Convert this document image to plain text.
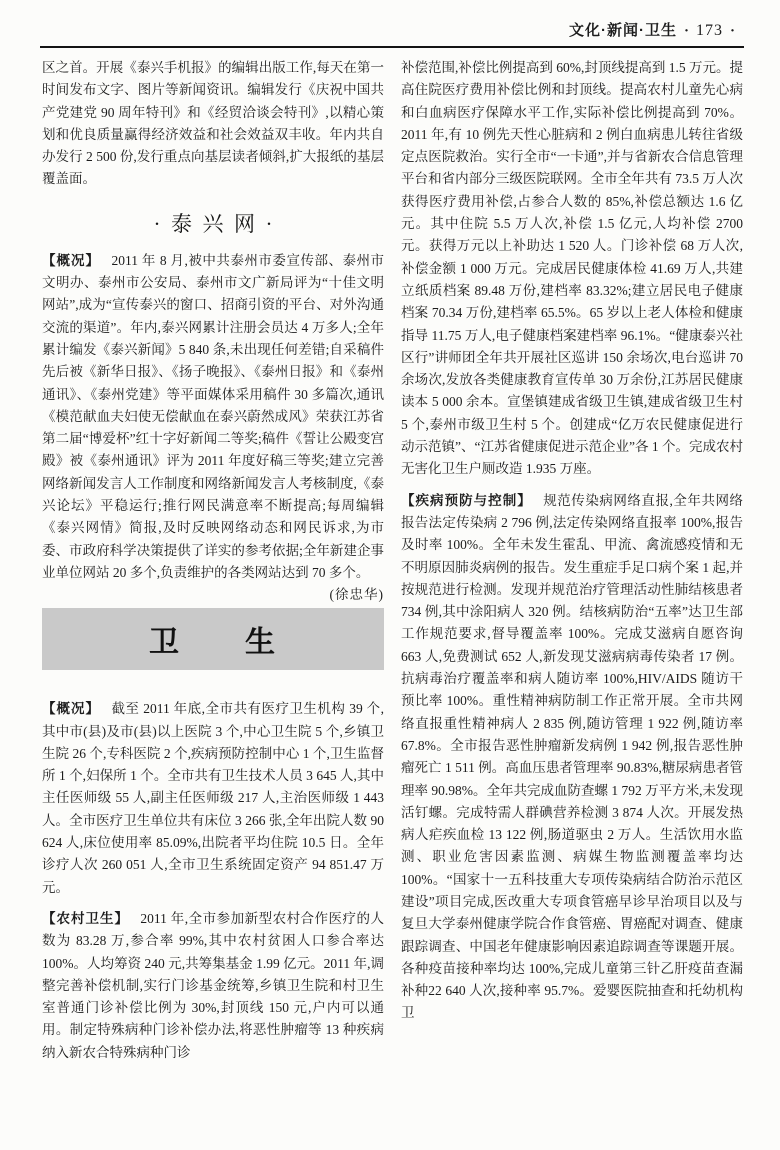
文化·新闻·卫生 · 173 ·

区之首。开展《泰兴手机报》的编辑出版工作,每天在第一时间发布文字、图片等新闻资讯。编辑发行《庆祝中国共产党建党 90 周年特刊》和《经贸洽谈会特刊》,以精心策划和优良质量赢得经济效益和社会效益双丰收。年内共自办发行 2 500 份,发行重点向基层读者倾斜,扩大报纸的基层覆盖面。

·泰兴网·

【概况】 2011 年 8 月,被中共泰州市委宣传部、泰州市文明办、泰州市公安局、泰州市文广新局评为“十佳文明网站”,成为“宣传泰兴的窗口、招商引资的平台、对外沟通交流的渠道”。年内,泰兴网累计注册会员达 4 万多人;全年累计编发《泰兴新闻》5 840 条,未出现任何差错;自采稿件先后被《新华日报》、《扬子晚报》、《泰州日报》和《泰州通讯》、《泰州党建》等平面媒体采用稿件 30 多篇次,通讯《模范献血夫妇使无偿献血在泰兴蔚然成风》荣获江苏省第二届“博爱杯”红十字好新闻二等奖;稿件《誓让公殿变宫殿》被《泰州通讯》评为 2011 年度好稿三等奖;建立完善网络新闻发言人工作制度和网络新闻发言人考核制度,《泰兴论坛》平稳运行;推行网民满意率不断提高;每周编辑《泰兴网情》简报,及时反映网络动态和网民诉求,为市委、市政府科学决策提供了详实的参考依据;全年新建企事业单位网站 20 多个,负责维护的各类网站达到 70 多个。
(徐忠华)

卫　　生

【概况】 截至 2011 年底,全市共有医疗卫生机构 39 个,其中市(县)及市(县)以上医院 3 个,中心卫生院 5 个,乡镇卫生院 26 个,专科医院 2 个,疾病预防控制中心 1 个,卫生监督所 1 个,妇保所 1 个。全市共有卫生技术人员 3 645 人,其中主任医师级 55 人,副主任医师级 217 人,主治医师级 1 443 人。全市医疗卫生单位共有床位 3 266 张,全年出院人数 90 624 人,床位使用率 85.09%,出院者平均住院 10.5 日。全年诊疗人次 260 051 人,全市卫生系统固定资产 94 851.47 万元。

【农村卫生】 2011 年,全市参加新型农村合作医疗的人数为 83.28 万,参合率 99%,其中农村贫困人口参合率达 100%。人均筹资 240 元,共筹集基金 1.99 亿元。2011 年,调整完善补偿机制,实行门诊基金统筹,乡镇卫生院和村卫生室普通门诊补偿比例为 30%,封顶线 150 元,户内可以通用。制定特殊病种门诊补偿办法,将恶性肿瘤等 13 种疾病纳入新农合特殊病种门诊

补偿范围,补偿比例提高到 60%,封顶线提高到 1.5 万元。提高住院医疗费用补偿比例和封顶线。提高农村儿童先心病和白血病医疗保障水平工作,实际补偿比例提高到 70%。2011 年,有 10 例先天性心脏病和 2 例白血病患儿转往省级定点医院救治。实行全市“一卡通”,并与省新农合信息管理平台和省内部分三级医院联网。全市全年共有 73.5 万人次获得医疗费用补偿,占参合人数的 85%,补偿总额达 1.6 亿元。其中住院 5.5 万人次,补偿 1.5 亿元,人均补偿 2700 元。获得万元以上补助达 1 520 人。门诊补偿 68 万人次,补偿金额 1 000 万元。完成居民健康体检 41.69 万人,共建立纸质档案 89.48 万份,建档率 83.32%;建立居民电子健康档案 70.34 万份,建档率 65.5%。65 岁以上老人体检和健康指导 11.75 万人,电子健康档案建档率 96.1%。“健康泰兴社区行”讲师团全年共开展社区巡讲 150 余场次,电台巡讲 70 余场次,发放各类健康教育宣传单 30 万余份,江苏居民健康读本 5 000 余本。宣堡镇建成省级卫生镇,建成省级卫生村 5 个,泰州市级卫生村 5 个。创建成“亿万农民健康促进行动示范镇”、“江苏省健康促进示范企业”各 1 个。完成农村无害化卫生户厕改造 1.935 万座。

【疾病预防与控制】 规范传染病网络直报,全年共网络报告法定传染病 2 796 例,法定传染网络直报率 100%,报告及时率 100%。全年未发生霍乱、甲流、禽流感疫情和无不明原因肺炎病例的报告。发生重症手足口病个案 1 起,并按规范进行检测。发现并规范治疗管理活动性肺结核患者 734 例,其中涂阳病人 320 例。结核病防治“五率”达卫生部工作规范要求,督导覆盖率 100%。完成艾滋病自愿咨询 663 人,免费测试 652 人,新发现艾滋病病毒传染者 17 例。抗病毒治疗覆盖率和病人随访率 100%,HIV/AIDS 随访干预比率 100%。重性精神病防制工作正常开展。全市共网络直报重性精神病人 2 835 例,随访管理 1 922 例,随访率 67.8%。全市报告恶性肿瘤新发病例 1 942 例,报告恶性肿瘤死亡 1 511 例。高血压患者管理率 90.83%,糖尿病患者管理率 90.98%。全年共完成血防查螺 1 792 万平方米,未发现活钉螺。完成特需人群碘营养检测 3 874 人次。开展发热病人疟疾血检 13 122 例,肠道驱虫 2 万人。生活饮用水监测、职业危害因素监测、病媒生物监测覆盖率均达 100%。“国家十一五科技重大专项传染病结合防治示范区建设”项目完成,医改重大专项食管癌早诊早治项目以及与复旦大学泰州健康学院合作食管癌、胃癌配对调查、健康跟踪调查、中国老年健康影响因素追踪调查等课题开展。各种疫苗接种率均达 100%,完成儿童第三针乙肝疫苗查漏补种22 640 人次,接种率 95.7%。爱婴医院抽查和托幼机构卫
